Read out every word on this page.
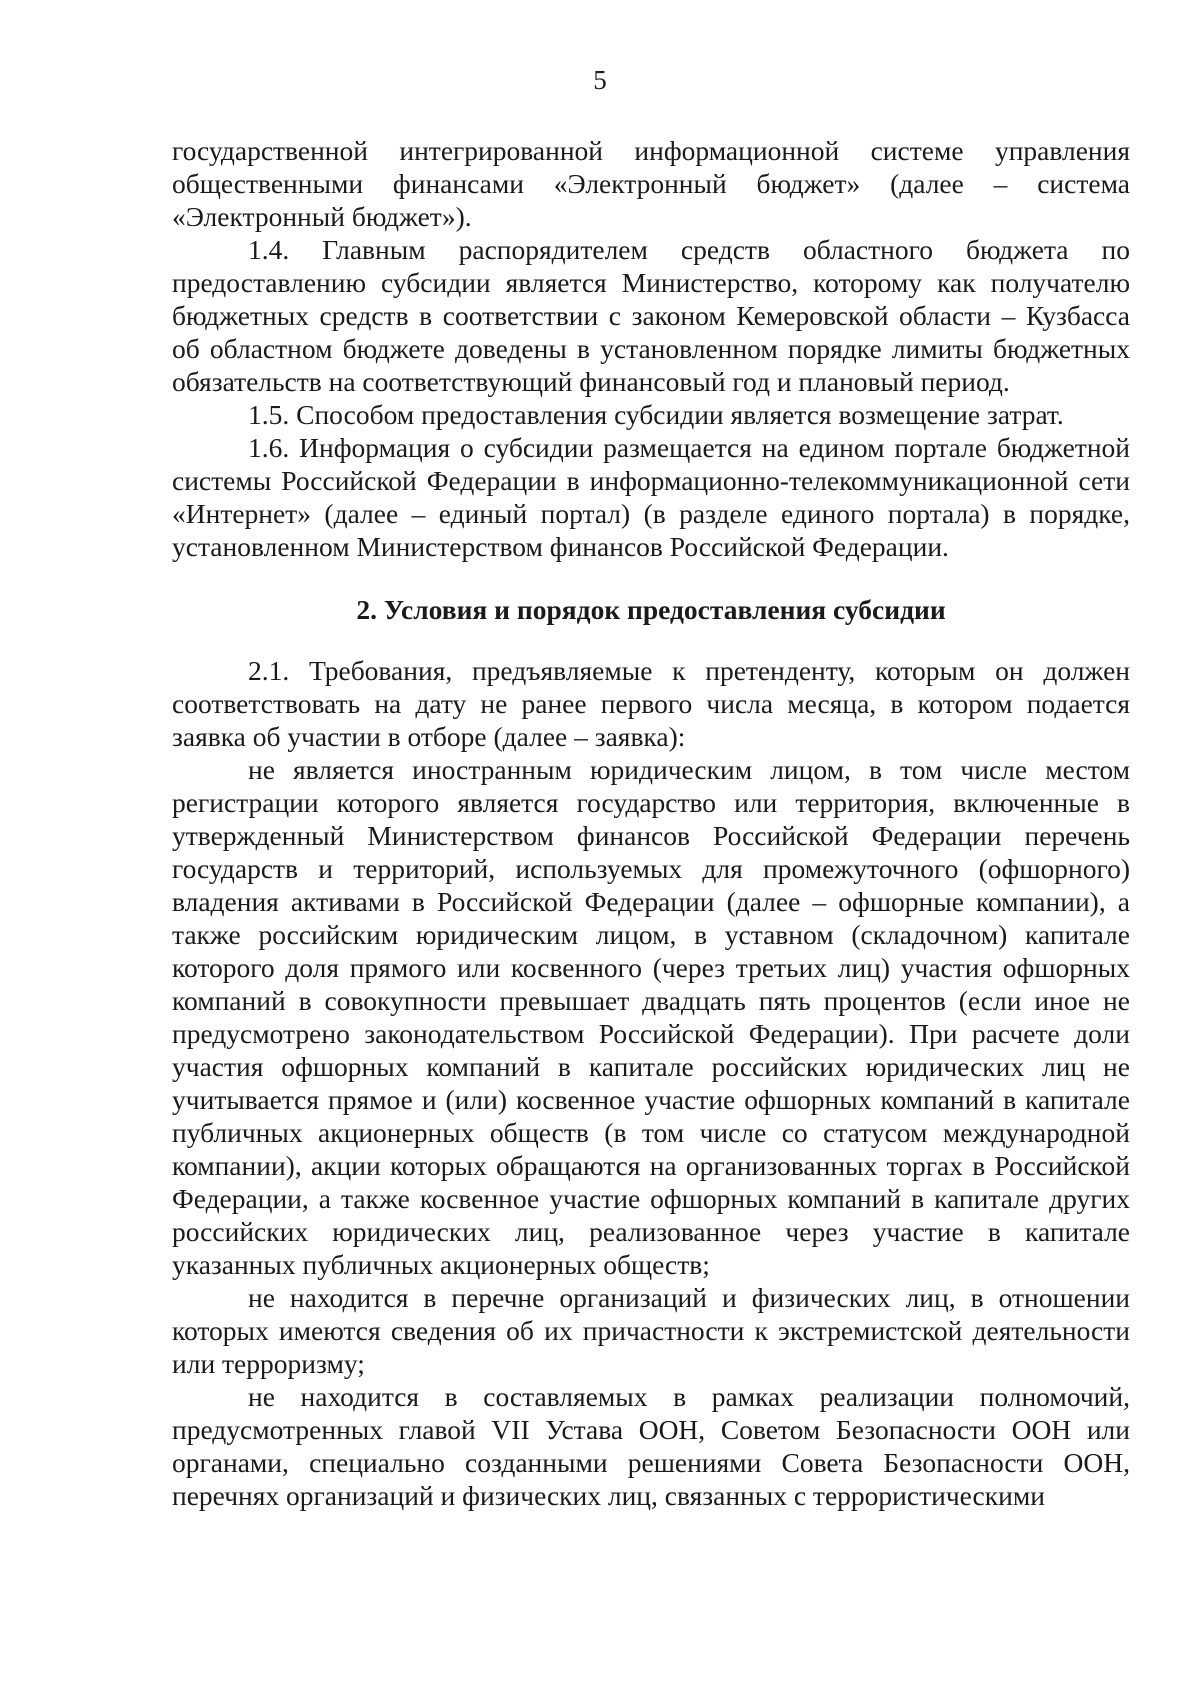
5

государственной интегрированной информационной системе управления общественными финансами «Электронный бюджет» (далее – система «Электронный бюджет»).

1.4. Главным распорядителем средств областного бюджета по предоставлению субсидии является Министерство, которому как получателю бюджетных средств в соответствии с законом Кемеровской области – Кузбасса об областном бюджете доведены в установленном порядке лимиты бюджетных обязательств на соответствующий финансовый год и плановый период.

1.5. Способом предоставления субсидии является возмещение затрат.

1.6. Информация о субсидии размещается на едином портале бюджетной системы Российской Федерации в информационно-телекоммуникационной сети «Интернет» (далее – единый портал) (в разделе единого портала) в порядке, установленном Министерством финансов Российской Федерации.

2. Условия и порядок предоставления субсидии

2.1. Требования, предъявляемые к претенденту, которым он должен соответствовать на дату не ранее первого числа месяца, в котором подается заявка об участии в отборе (далее – заявка):

не является иностранным юридическим лицом, в том числе местом регистрации которого является государство или территория, включенные в утвержденный Министерством финансов Российской Федерации перечень государств и территорий, используемых для промежуточного (офшорного) владения активами в Российской Федерации (далее – офшорные компании), а также российским юридическим лицом, в уставном (складочном) капитале которого доля прямого или косвенного (через третьих лиц) участия офшорных компаний в совокупности превышает двадцать пять процентов (если иное не предусмотрено законодательством Российской Федерации). При расчете доли участия офшорных компаний в капитале российских юридических лиц не учитывается прямое и (или) косвенное участие офшорных компаний в капитале публичных акционерных обществ (в том числе со статусом международной компании), акции которых обращаются на организованных торгах в Российской Федерации, а также косвенное участие офшорных компаний в капитале других российских юридических лиц, реализованное через участие в капитале указанных публичных акционерных обществ;

не находится в перечне организаций и физических лиц, в отношении которых имеются сведения об их причастности к экстремистской деятельности или терроризму;

не находится в составляемых в рамках реализации полномочий, предусмотренных главой VII Устава ООН, Советом Безопасности ООН или органами, специально созданными решениями Совета Безопасности ООН, перечнях организаций и физических лиц, связанных с террористическими
